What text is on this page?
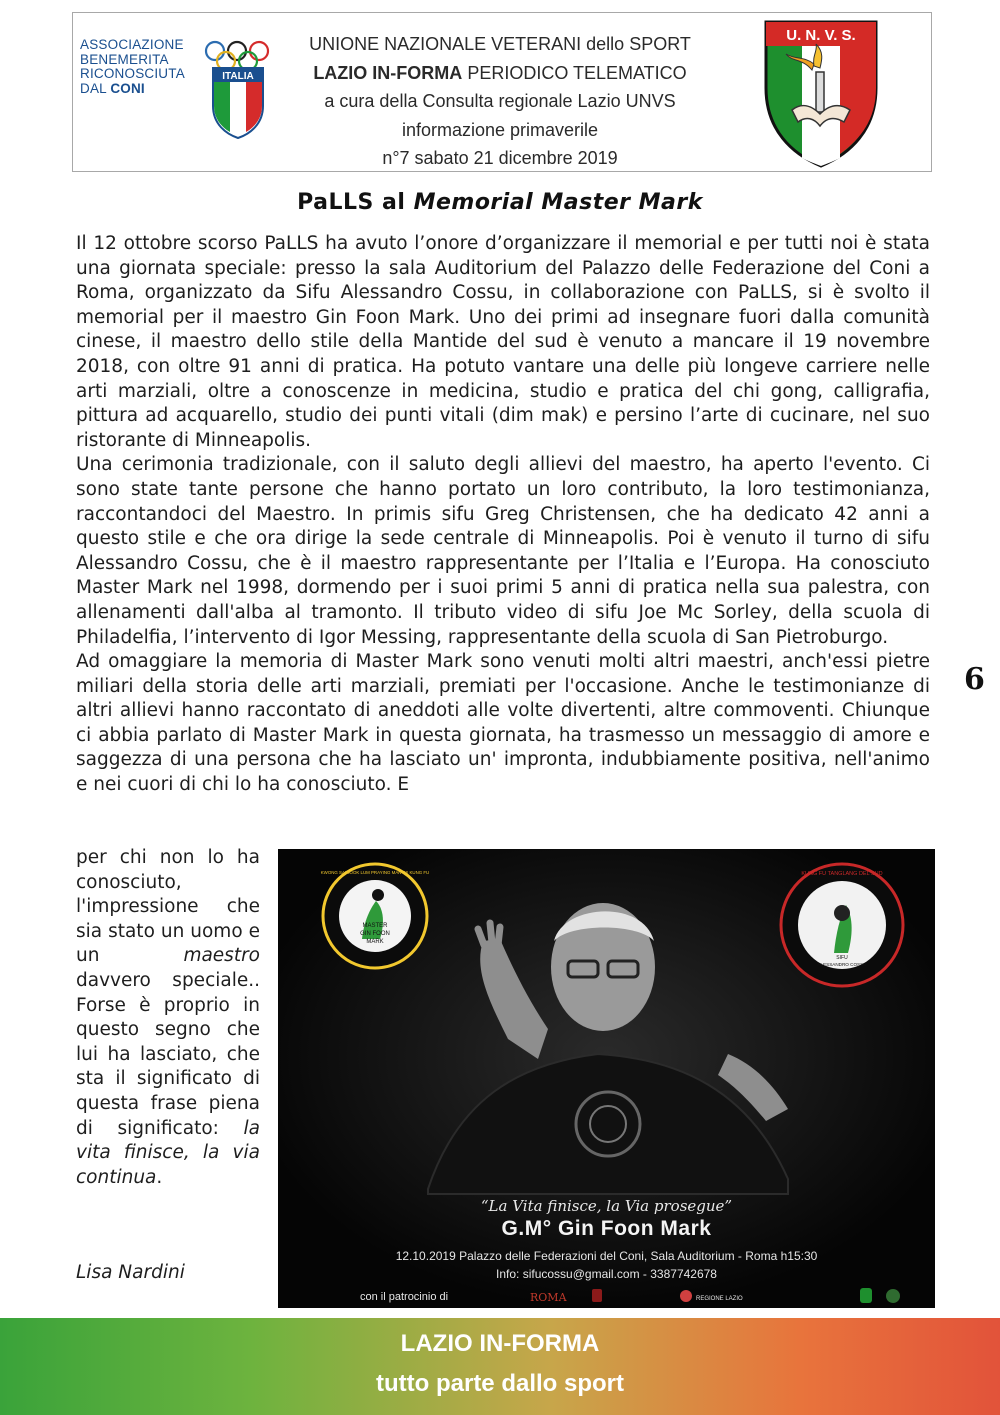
ASSOCIAZIONE
BENEMERITA
RICONOSCIUTA
DAL CONI
ITALIA
UNIONE NAZIONALE VETERANI dello SPORT
LAZIO IN-FORMA PERIODICO TELEMATICO
a cura della Consulta regionale Lazio UNVS
informazione primaverile
n°7 sabato 21 dicembre 2019
U. N. V. S.
PaLLS al Memorial Master Mark

Il 12 ottobre scorso PaLLS ha avuto l’onore d’organizzare il memorial e per tutti noi è stata una giornata speciale: presso la sala Auditorium del Palazzo delle Federazione del Coni a Roma, organizzato da Sifu Alessandro Cossu, in collaborazione con PaLLS, si è svolto il memorial per il maestro Gin Foon Mark. Uno dei primi ad insegnare fuori dalla comunità cinese, il maestro dello stile della Mantide del sud è venuto a mancare il 19 novembre 2018, con oltre 91 anni di pratica. Ha potuto vantare una delle più longeve carriere nelle arti marziali, oltre a conoscenze in medicina, studio e pratica del chi gong, calligrafia, pittura ad acquarello, studio dei punti vitali (dim mak) e persino l’arte di cucinare, nel suo ristorante di Minneapolis.

Una cerimonia tradizionale, con il saluto degli allievi del maestro, ha aperto l'evento. Ci sono state tante persone che hanno portato un loro contributo, la loro testimonianza, raccontandoci del Maestro. In primis sifu Greg Christensen, che ha dedicato 42 anni a questo stile e che ora dirige la sede centrale di Minneapolis. Poi è venuto il turno di sifu Alessandro Cossu, che è il maestro rappresentante per l’Italia e l’Europa. Ha conosciuto Master Mark nel 1998, dormendo per i suoi primi 5 anni di pratica nella sua palestra, con allenamenti dall'alba al tramonto. Il tributo video di sifu Joe Mc Sorley, della scuola di Philadelfia, l’intervento di Igor Messing, rappresentante della scuola di San Pietroburgo.

Ad omaggiare la memoria di Master Mark sono venuti molti altri maestri, anch'essi pietre miliari della storia delle arti marziali, premiati per l'occasione. Anche le testimonianze di altri allievi hanno raccontato di aneddoti alle volte divertenti, altre commoventi. Chiunque ci abbia parlato di Master Mark in questa giornata, ha trasmesso un messaggio di amore e saggezza di una persona che ha lasciato un' impronta, indubbiamente positiva, nell'animo e nei cuori di chi lo ha conosciuto. E

6
per chi non lo ha conosciuto, l'impressione che sia stato un uomo e un maestro davvero speciale.. Forse è proprio in questo segno che lui ha lasciato, che sta il significato di questa frase piena di significato: la vita finisce, la via continua.
Lisa Nardini
MASTER
GIN FOON
MARK
KWONG SAI JOOK LUM PRAYING MANTIS KUNG FU	KUNG FU TANGLANG DEL SUD
SIFU
ALESSANDRO COSSU
“La Vita finisce, la Via prosegue”
G.M° Gin Foon Mark
12.10.2019 Palazzo delle Federazioni del Coni, Sala Auditorium - Roma h15:30
Info: sifucossu@gmail.com - 3387742678
con il patrocinio di	ROMA	REGIONE LAZIO
LAZIO IN-FORMA
tutto parte dallo sport
